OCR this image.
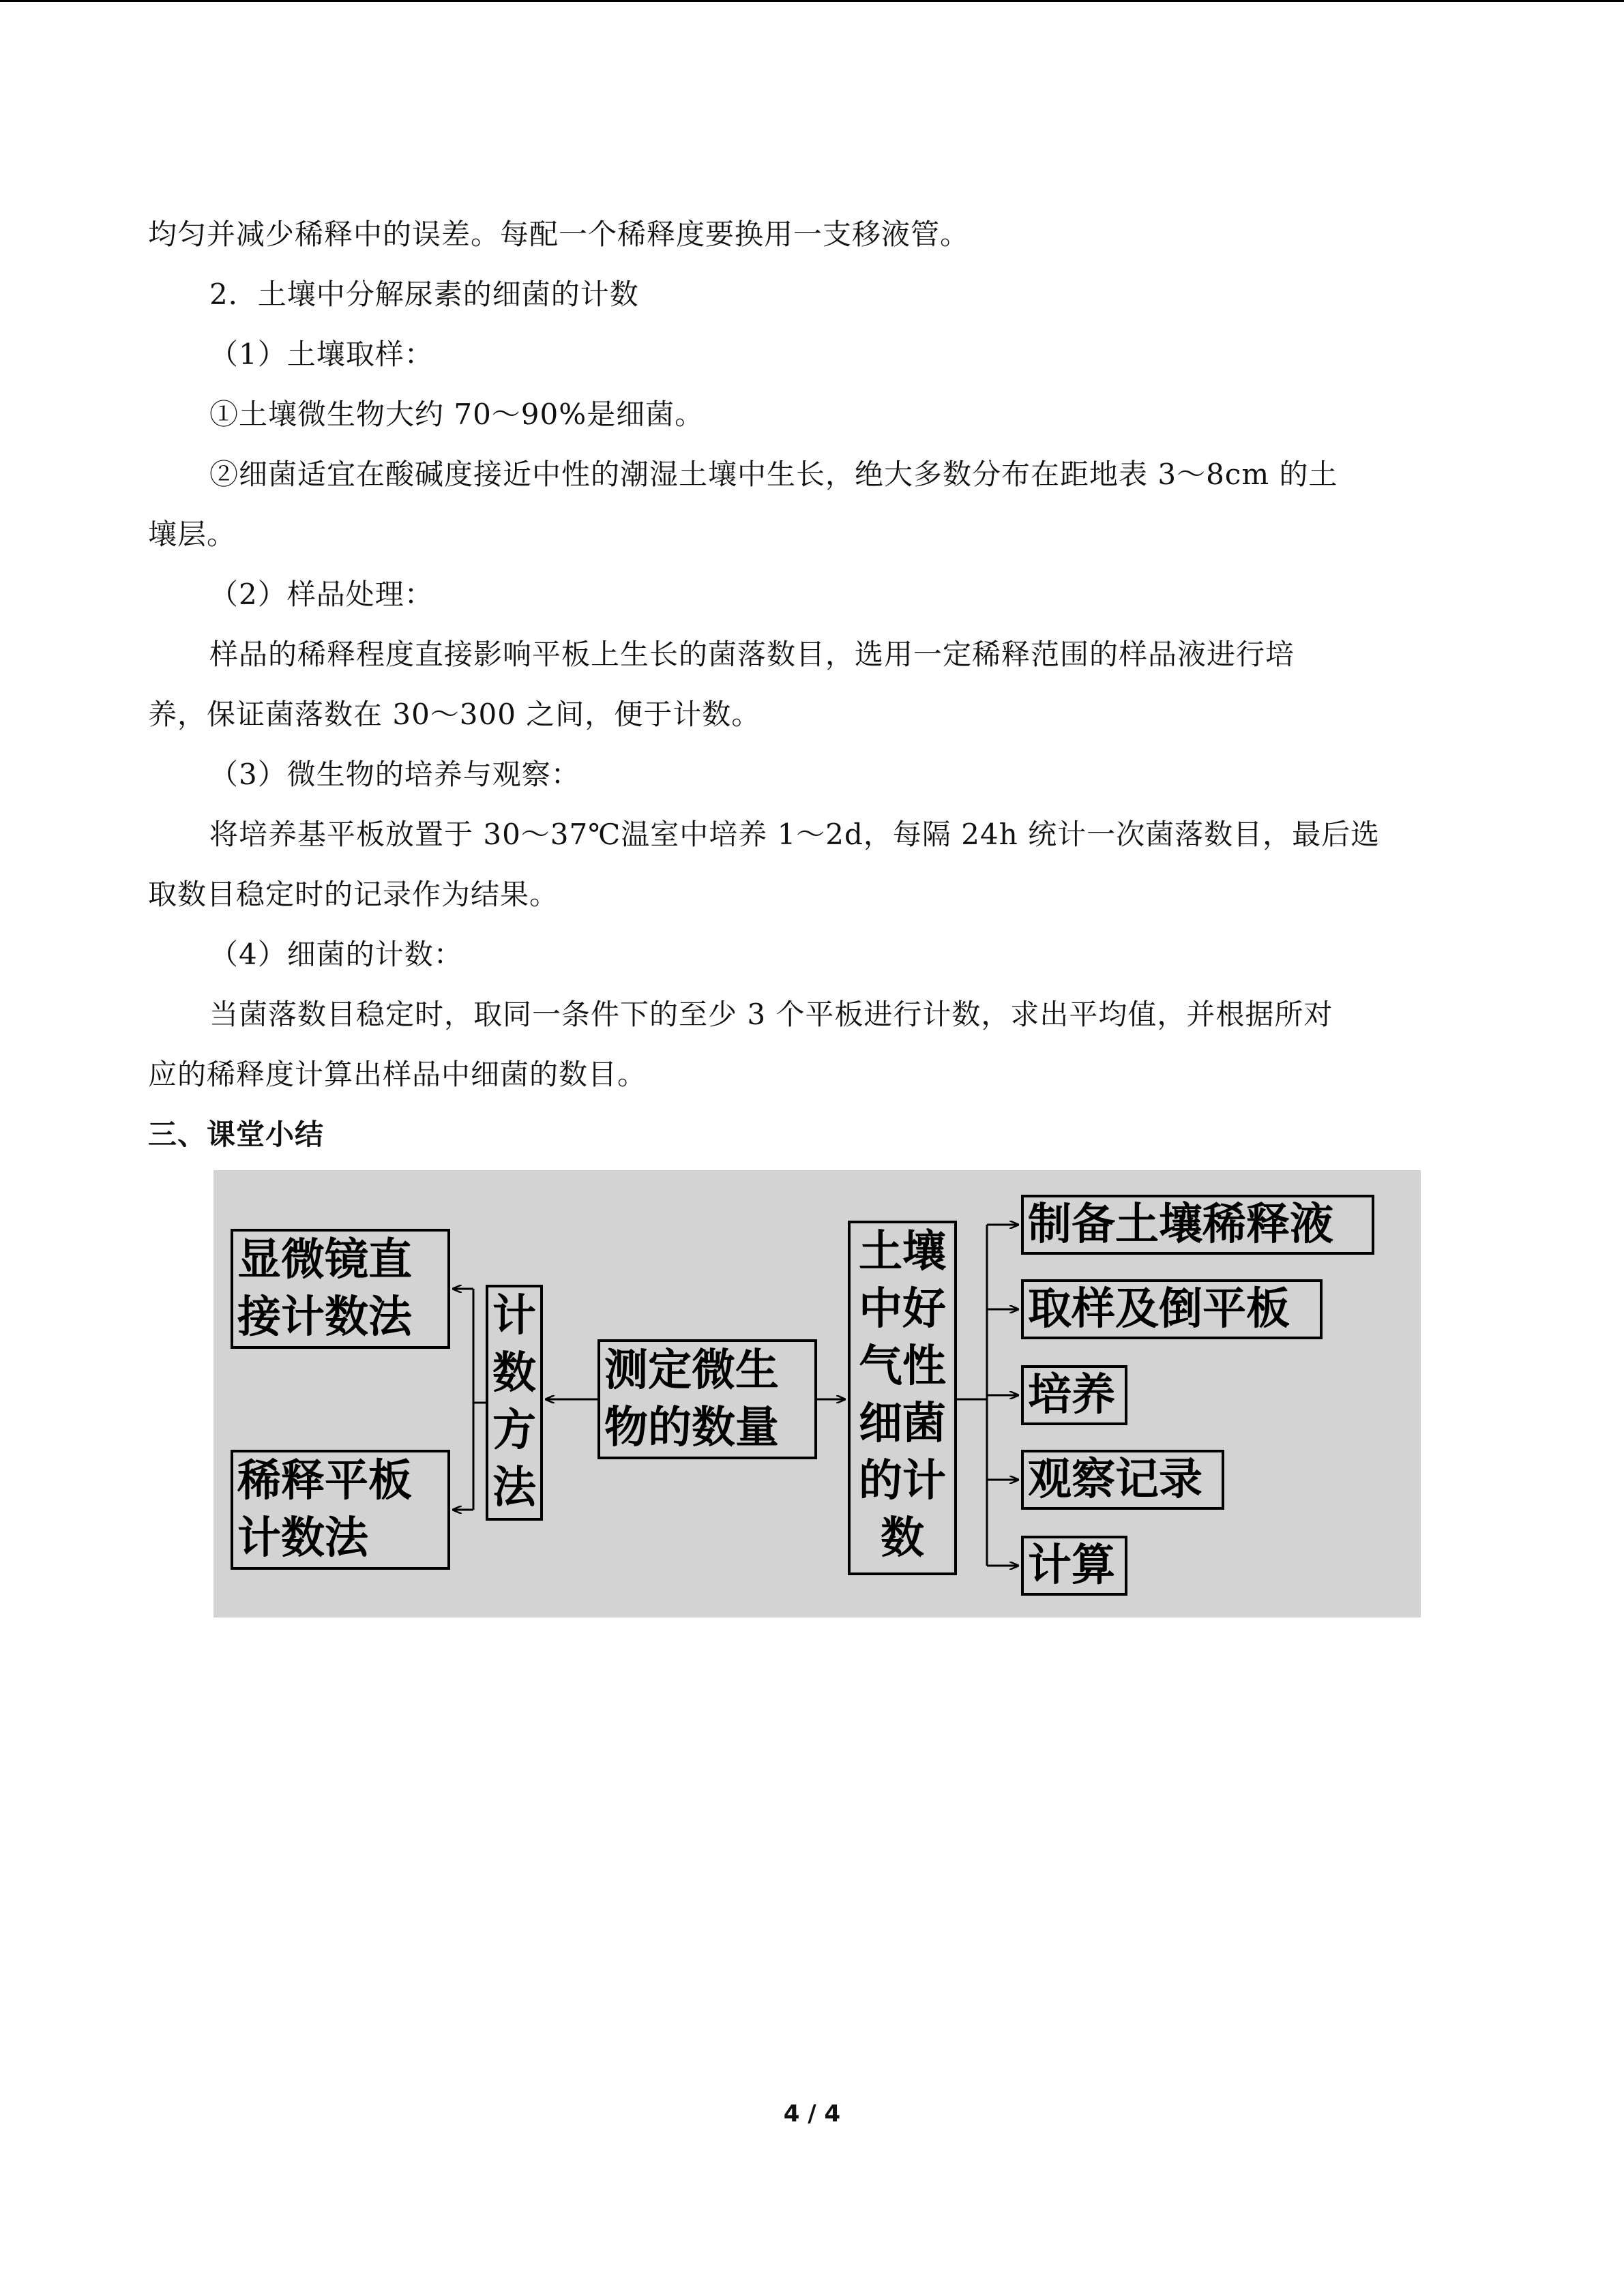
均匀并减少稀释中的误差。每配一个稀释度要换用一支移液管。

2．土壤中分解尿素的细菌的计数

（1）土壤取样：

①土壤微生物大约 70～90%是细菌。

②细菌适宜在酸碱度接近中性的潮湿土壤中生长，绝大多数分布在距地表 3～8cm 的土

壤层。

（2）样品处理：

样品的稀释程度直接影响平板上生长的菌落数目，选用一定稀释范围的样品液进行培

养，保证菌落数在 30～300 之间，便于计数。

（3）微生物的培养与观察：

将培养基平板放置于 30～37℃温室中培养 1～2d，每隔 24h 统计一次菌落数目，最后选

取数目稳定时的记录作为结果。

（4）细菌的计数：

当菌落数目稳定时，取同一条件下的至少 3 个平板进行计数，求出平均值，并根据所对

应的稀释度计算出样品中细菌的数目。

三、课堂小结

显微镜直
接计数法
稀释平板
计数法
计
数
方
法
测定微生
物的数量
土壤
中好
气性
细菌
的计
数
制备土壤稀释液
取样及倒平板
培养
观察记录
计算
4 / 4
